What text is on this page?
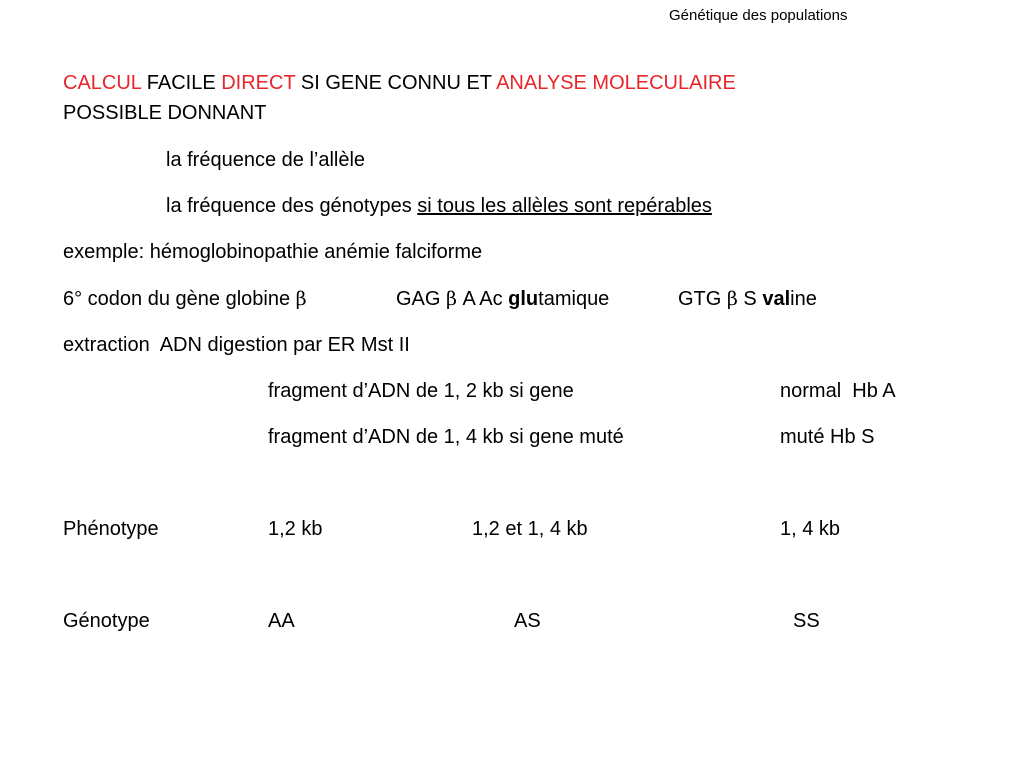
Génétique des populations
CALCUL FACILE DIRECT SI GENE CONNU ET ANALYSE MOLECULAIRE
POSSIBLE DONNANT
la fréquence de l’allèle
la fréquence des génotypes si tous les allèles sont repérables
exemple: hémoglobinopathie anémie falciforme
6° codon du gène globine β	GAG β A Ac glutamique	GTG β S valine
extraction  ADN digestion par ER Mst II
fragment d’ADN de 1, 2 kb si gene	normal  Hb A
fragment d’ADN de 1, 4 kb si gene muté	muté Hb S
Phénotype	1,2 kb	1,2 et 1, 4 kb	1, 4 kb
Génotype	AA	AS	SS
